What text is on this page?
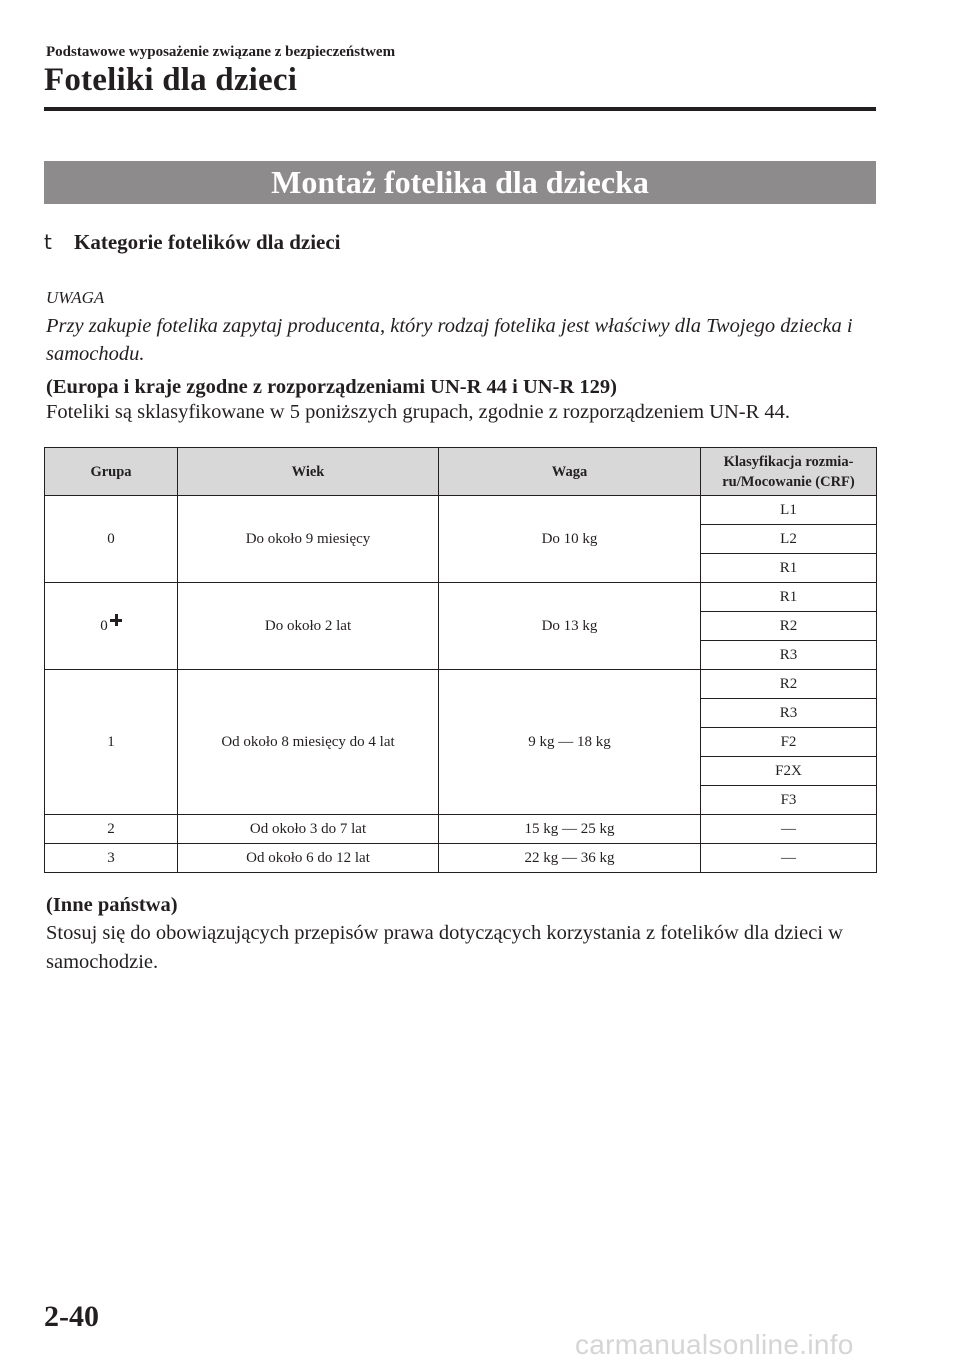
Podstawowe wyposażenie związane z bezpieczeństwem
Foteliki dla dzieci
Montaż fotelika dla dziecka
t Kategorie fotelików dla dzieci
UWAGA
Przy zakupie fotelika zapytaj producenta, który rodzaj fotelika jest właściwy dla Twojego dziecka i samochodu.
(Europa i kraje zgodne z rozporządzeniami UN-R 44 i UN-R 129)
Foteliki są sklasyfikowane w 5 poniższych grupach, zgodnie z rozporządzeniem UN-R 44.
Grupa	Wiek	Waga	Klasyfikacja rozmia-ru/Mocowanie (CRF)
0	Do około 9 miesięcy	Do 10 kg	L1
			L2
			R1
0	Do około 2 lat	Do 13 kg	R1
			R2
			R3
1	Od około 8 miesięcy do 4 lat	9 kg — 18 kg	R2
			R3
			F2
			F2X
			F3
2	Od około 3 do 7 lat	15 kg — 25 kg	—
3	Od około 6 do 12 lat	22 kg — 36 kg	—
(Inne państwa)
Stosuj się do obowiązujących przepisów prawa dotyczących korzystania z fotelików dla dzieci w samochodzie.
2-40
carmanualsonline.info
